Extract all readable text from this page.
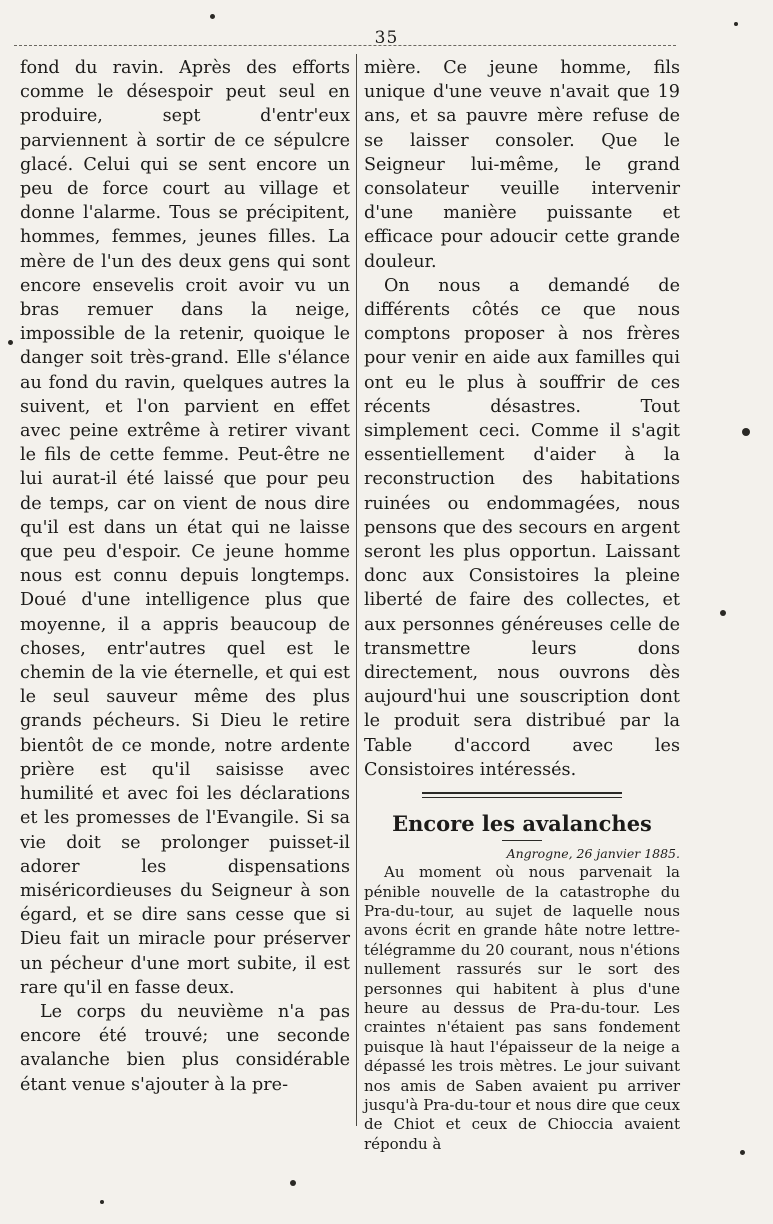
35

fond du ravin. Après des efforts comme le désespoir peut seul en produire, sept d'entr'eux parviennent à sortir de ce sépulcre glacé. Celui qui se sent encore un peu de force court au village et donne l'alarme. Tous se précipitent, hommes, femmes, jeunes filles. La mère de l'un des deux gens qui sont encore ensevelis croit avoir vu un bras remuer dans la neige, impossible de la retenir, quoique le danger soit très-grand. Elle s'élance au fond du ravin, quelques autres la suivent, et l'on parvient en effet avec peine extrême à retirer vivant le fils de cette femme. Peut-être ne lui aurat-il été laissé que pour peu de temps, car on vient de nous dire qu'il est dans un état qui ne laisse que peu d'espoir. Ce jeune homme nous est connu depuis longtemps. Doué d'une intelligence plus que moyenne, il a appris beaucoup de choses, entr'autres quel est le chemin de la vie éternelle, et qui est le seul sauveur même des plus grands pécheurs. Si Dieu le retire bientôt de ce monde, notre ardente prière est qu'il saisisse avec humilité et avec foi les déclarations et les promesses de l'Evangile. Si sa vie doit se prolonger puisset-il adorer les dispensations miséricordieuses du Seigneur à son égard, et se dire sans cesse que si Dieu fait un miracle pour préserver un pécheur d'une mort subite, il est rare qu'il en fasse deux.

Le corps du neuvième n'a pas encore été trouvé; une seconde avalanche bien plus considérable étant venue s'ajouter à la pre-

mière. Ce jeune homme, fils unique d'une veuve n'avait que 19 ans, et sa pauvre mère refuse de se laisser consoler. Que le Seigneur lui-même, le grand consolateur veuille intervenir d'une manière puissante et efficace pour adoucir cette grande douleur.

On nous a demandé de différents côtés ce que nous comptons proposer à nos frères pour venir en aide aux familles qui ont eu le plus à souffrir de ces récents désastres. Tout simplement ceci. Comme il s'agit essentiellement d'aider à la reconstruction des habitations ruinées ou endommagées, nous pensons que des secours en argent seront les plus opportun. Laissant donc aux Consistoires la pleine liberté de faire des collectes, et aux personnes généreuses celle de transmettre leurs dons directement, nous ouvrons dès aujourd'hui une souscription dont le produit sera distribué par la Table d'accord avec les Consistoires intéressés.

Encore les avalanches

Angrogne, 26 janvier 1885.

Au moment où nous parvenait la pénible nouvelle de la catastrophe du Pra-du-tour, au sujet de laquelle nous avons écrit en grande hâte notre lettre-télégramme du 20 courant, nous n'étions nullement rassurés sur le sort des personnes qui habitent à plus d'une heure au dessus de Pra-du-tour. Les craintes n'étaient pas sans fondement puisque là haut l'épaisseur de la neige a dépassé les trois mètres. Le jour suivant nos amis de Saben avaient pu arriver jusqu'à Pra-du-tour et nous dire que ceux de Chiot et ceux de Chioccia avaient répondu à
